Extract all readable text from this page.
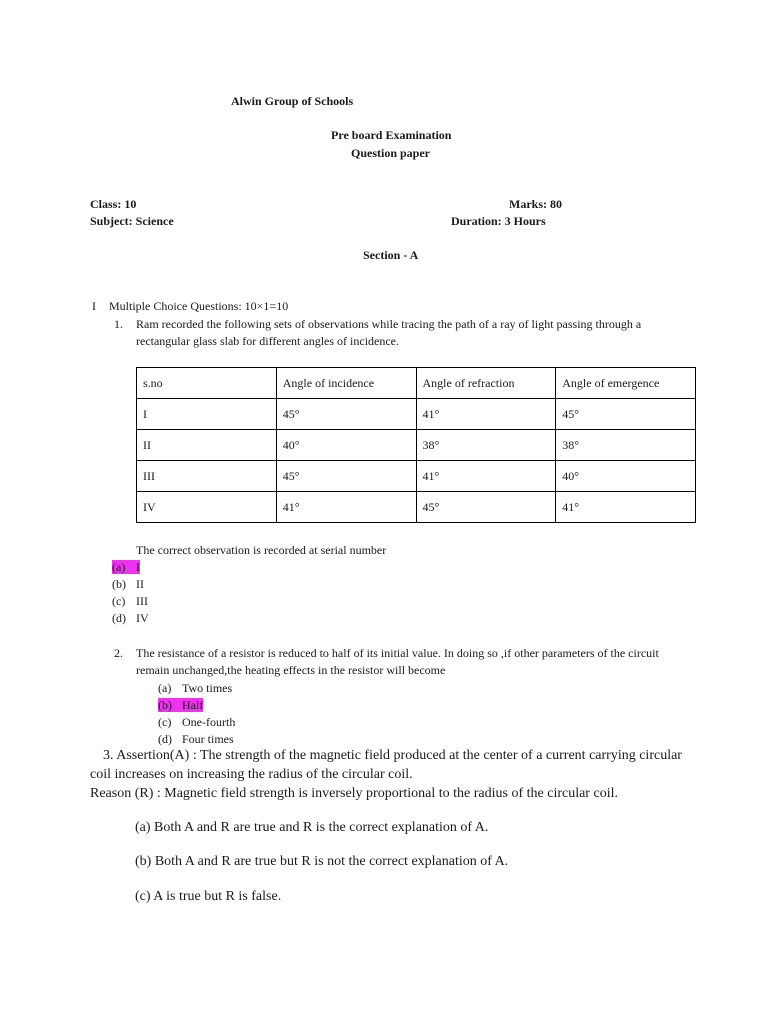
Alwin Group of Schools
Pre board Examination
Question paper
Class: 10
Subject: Science
Marks: 80
Duration: 3 Hours
Section - A
I Multiple Choice Questions: 10×1=10
1. Ram recorded the following sets of observations while tracing the path of a ray of light passing through a
rectangular glass slab for different angles of incidence.
s.no	Angle of incidence	Angle of refraction	Angle of emergence
I	45°	41°	45°
II	40°	38°	38°
III	45°	41°	40°
IV	41°	45°	41°
The correct observation is recorded at serial number
(a) I
(b) II
(c) III
(d) IV
2. The resistance of a resistor is reduced to half of its initial value. In doing so ,if other parameters of the circuit
remain unchanged,the heating effects in the resistor will become
(a) Two times
(b) Half
(c) One-fourth
(d) Four times
3. Assertion(A) : The strength of the magnetic field produced at the center of a current carrying circular
coil increases on increasing the radius of the circular coil.
Reason (R) : Magnetic field strength is inversely proportional to the radius of the circular coil.
(a) Both A and R are true and R is the correct explanation of A.
(b) Both A and R are true but R is not the correct explanation of A.
(c) A is true but R is false.
